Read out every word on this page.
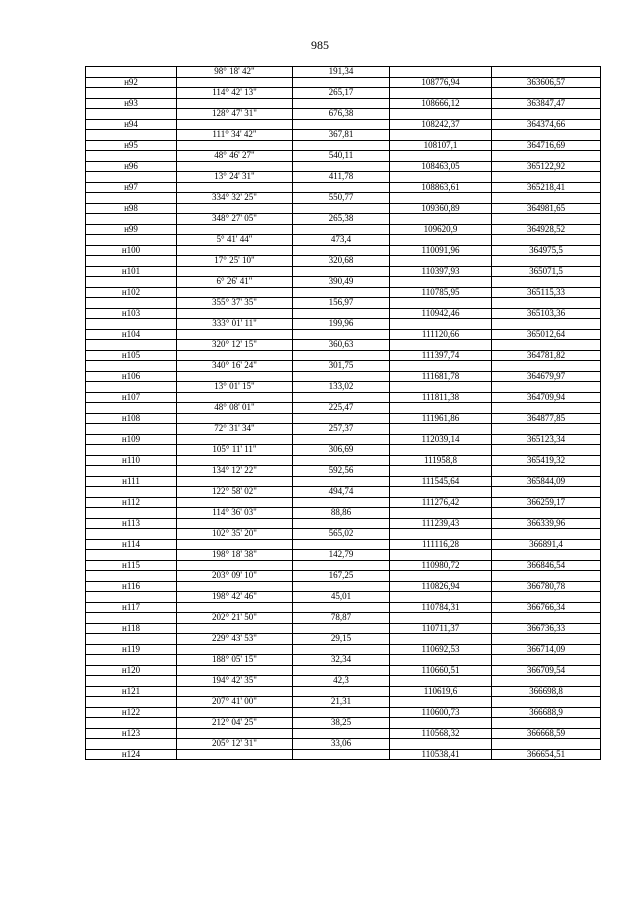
985
	98° 18' 42"	191,34		
н92			108776,94	363606,57
	114° 42' 13"	265,17		
н93			108666,12	363847,47
	128° 47' 31"	676,38		
н94			108242,37	364374,66
	111° 34' 42"	367,81		
н95			108107,1	364716,69
	48° 46' 27"	540,11		
н96			108463,05	365122,92
	13° 24' 31"	411,78		
н97			108863,61	365218,41
	334° 32' 25"	550,77		
н98			109360,89	364981,65
	348° 27' 05"	265,38		
н99			109620,9	364928,52
	5° 41' 44"	473,4		
н100			110091,96	364975,5
	17° 25' 10"	320,68		
н101			110397,93	365071,5
	6° 26' 41"	390,49		
н102			110785,95	365115,33
	355° 37' 35"	156,97		
н103			110942,46	365103,36
	333° 01' 11"	199,96		
н104			111120,66	365012,64
	320° 12' 15"	360,63		
н105			111397,74	364781,82
	340° 16' 24"	301,75		
н106			111681,78	364679,97
	13° 01' 15"	133,02		
н107			111811,38	364709,94
	48° 08' 01"	225,47		
н108			111961,86	364877,85
	72° 31' 34"	257,37		
н109			112039,14	365123,34
	105° 11' 11"	306,69		
н110			111958,8	365419,32
	134° 12' 22"	592,56		
н111			111545,64	365844,09
	122° 58' 02"	494,74		
н112			111276,42	366259,17
	114° 36' 03"	88,86		
н113			111239,43	366339,96
	102° 35' 20"	565,02		
н114			111116,28	366891,4
	198° 18' 38"	142,79		
н115			110980,72	366846,54
	203° 09' 10"	167,25		
н116			110826,94	366780,78
	198° 42' 46"	45,01		
н117			110784,31	366766,34
	202° 21' 50"	78,87		
н118			110711,37	366736,33
	229° 43' 53"	29,15		
н119			110692,53	366714,09
	188° 05' 15"	32,34		
н120			110660,51	366709,54
	194° 42' 35"	42,3		
н121			110619,6	366698,8
	207° 41' 00"	21,31		
н122			110600,73	366688,9
	212° 04' 25"	38,25		
н123			110568,32	366668,59
	205° 12' 31"	33,06		
н124			110538,41	366654,51
